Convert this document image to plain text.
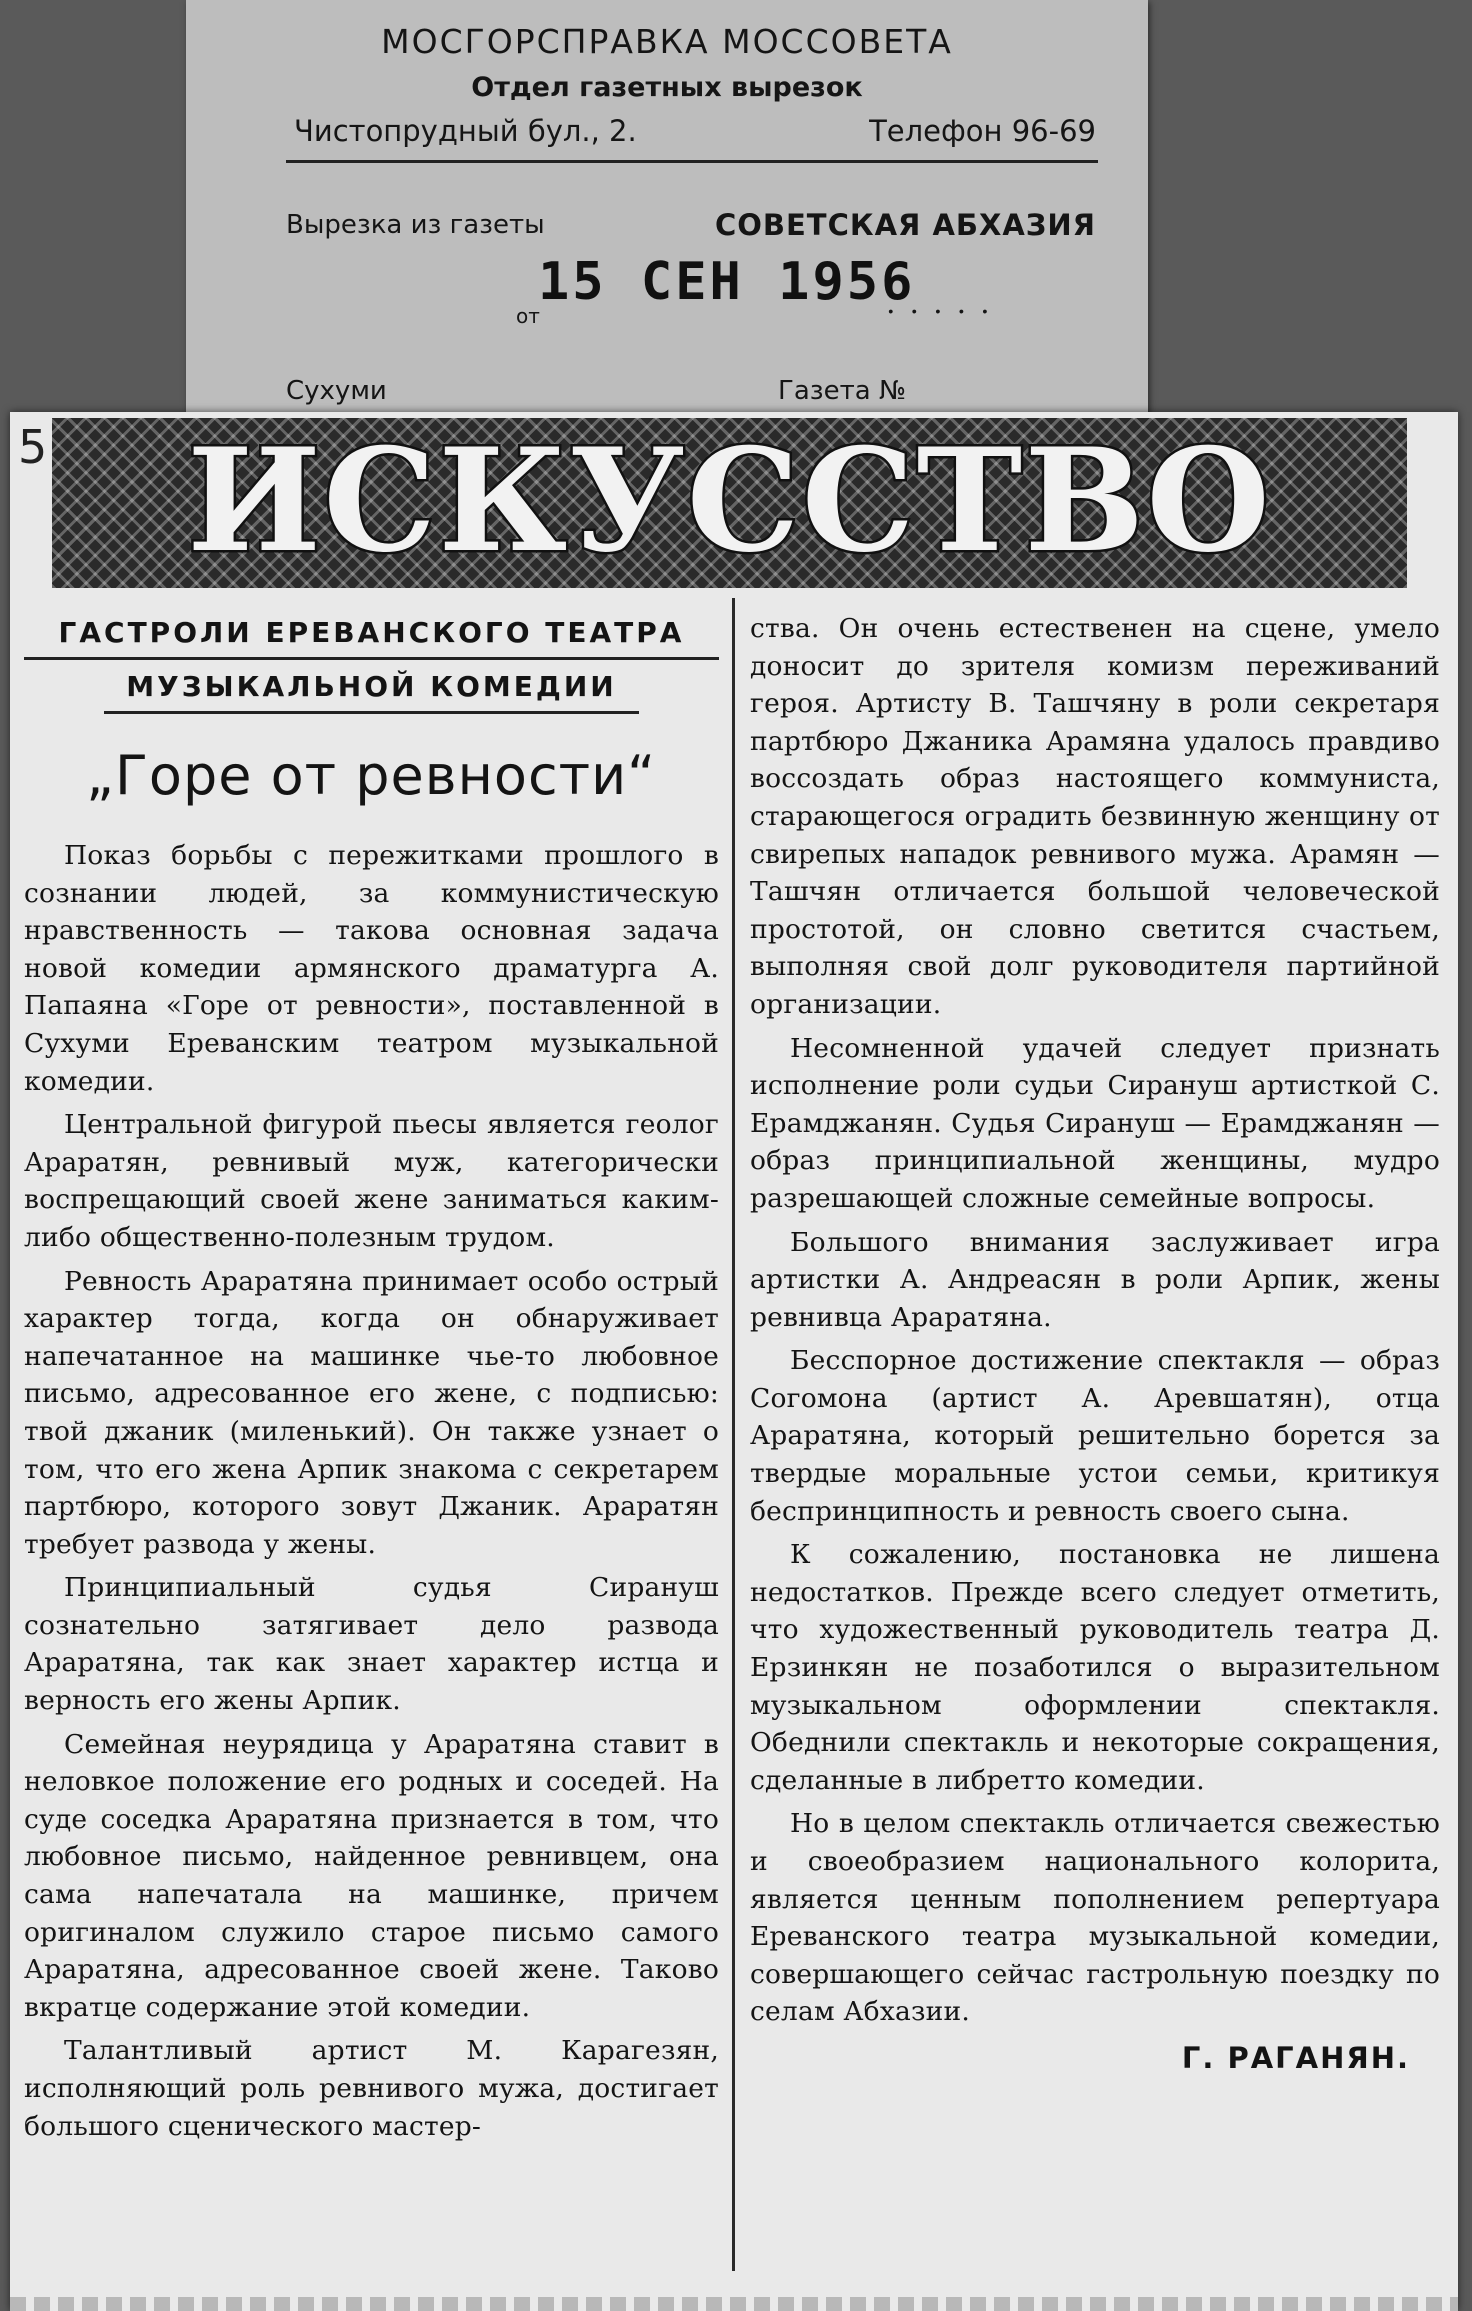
МОСГОРСПРАВКА МОССОВЕТА
Отдел газетных вырезок
Чистопрудный бул., 2.	Телефон 96-69
Вырезка из газеты	СОВЕТСКАЯ АБХАЗИЯ
от
15 СЕН 1956
.....
Сухуми	Газета №
5 ИСКУССТВО
ГАСТРОЛИ ЕРЕВАНСКОГО ТЕАТРА
МУЗЫКАЛЬНОЙ КОМЕДИИ
„Горе от ревности“

Показ борьбы с пережитками прошлого в сознании людей, за коммунистическую нравственность — такова основная задача новой комедии армянского драматурга А. Папаяна «Горе от ревности», поставленной в Сухуми Ереванским театром музыкальной комедии.

Центральной фигурой пьесы является геолог Араратян, ревнивый муж, категорически воспрещающий своей жене заниматься каким-либо общественно-полезным трудом.

Ревность Араратяна принимает особо острый характер тогда, когда он обнаруживает напечатанное на машинке чье-то любовное письмо, адресованное его жене, с подписью: твой джаник (миленький). Он также узнает о том, что его жена Арпик знакома с секретарем партбюро, которого зовут Джаник. Араратян требует развода у жены.

Принципиальный судья Сирануш сознательно затягивает дело развода Араратяна, так как знает характер истца и верность его жены Арпик.

Семейная неурядица у Араратяна ставит в неловкое положение его родных и соседей. На суде соседка Араратяна признается в том, что любовное письмо, найденное ревнивцем, она сама напечатала на машинке, причем оригиналом служило старое письмо самого Араратяна, адресованное своей жене. Таково вкратце содержание этой комедии.

Талантливый артист М. Карагезян, исполняющий роль ревнивого мужа, достигает большого сценического мастер-

ства. Он очень естественен на сцене, умело доносит до зрителя комизм переживаний героя. Артисту В. Ташчяну в роли секретаря партбюро Джаника Арамяна удалось правдиво воссоздать образ настоящего коммуниста, старающегося оградить безвинную женщину от свирепых нападок ревнивого мужа. Арамян — Ташчян отличается большой человеческой простотой, он словно светится счастьем, выполняя свой долг руководителя партийной организации.

Несомненной удачей следует признать исполнение роли судьи Сирануш артисткой С. Ерамджанян. Судья Сирануш — Ерамджанян — образ принципиальной женщины, мудро разрешающей сложные семейные вопросы.

Большого внимания заслуживает игра артистки А. Андреасян в роли Арпик, жены ревнивца Араратяна.

Бесспорное достижение спектакля — образ Согомона (артист А. Аревшатян), отца Араратяна, который решительно борется за твердые моральные устои семьи, критикуя беспринципность и ревность своего сына.

К сожалению, постановка не лишена недостатков. Прежде всего следует отметить, что художественный руководитель театра Д. Ерзинкян не позаботился о выразительном музыкальном оформлении спектакля. Обеднили спектакль и некоторые сокращения, сделанные в либретто комедии.

Но в целом спектакль отличается свежестью и своеобразием национального колорита, является ценным пополнением репертуара Ереванского театра музыкальной комедии, совершающего сейчас гастрольную поездку по селам Абхазии.

Г. РАГАНЯН.
